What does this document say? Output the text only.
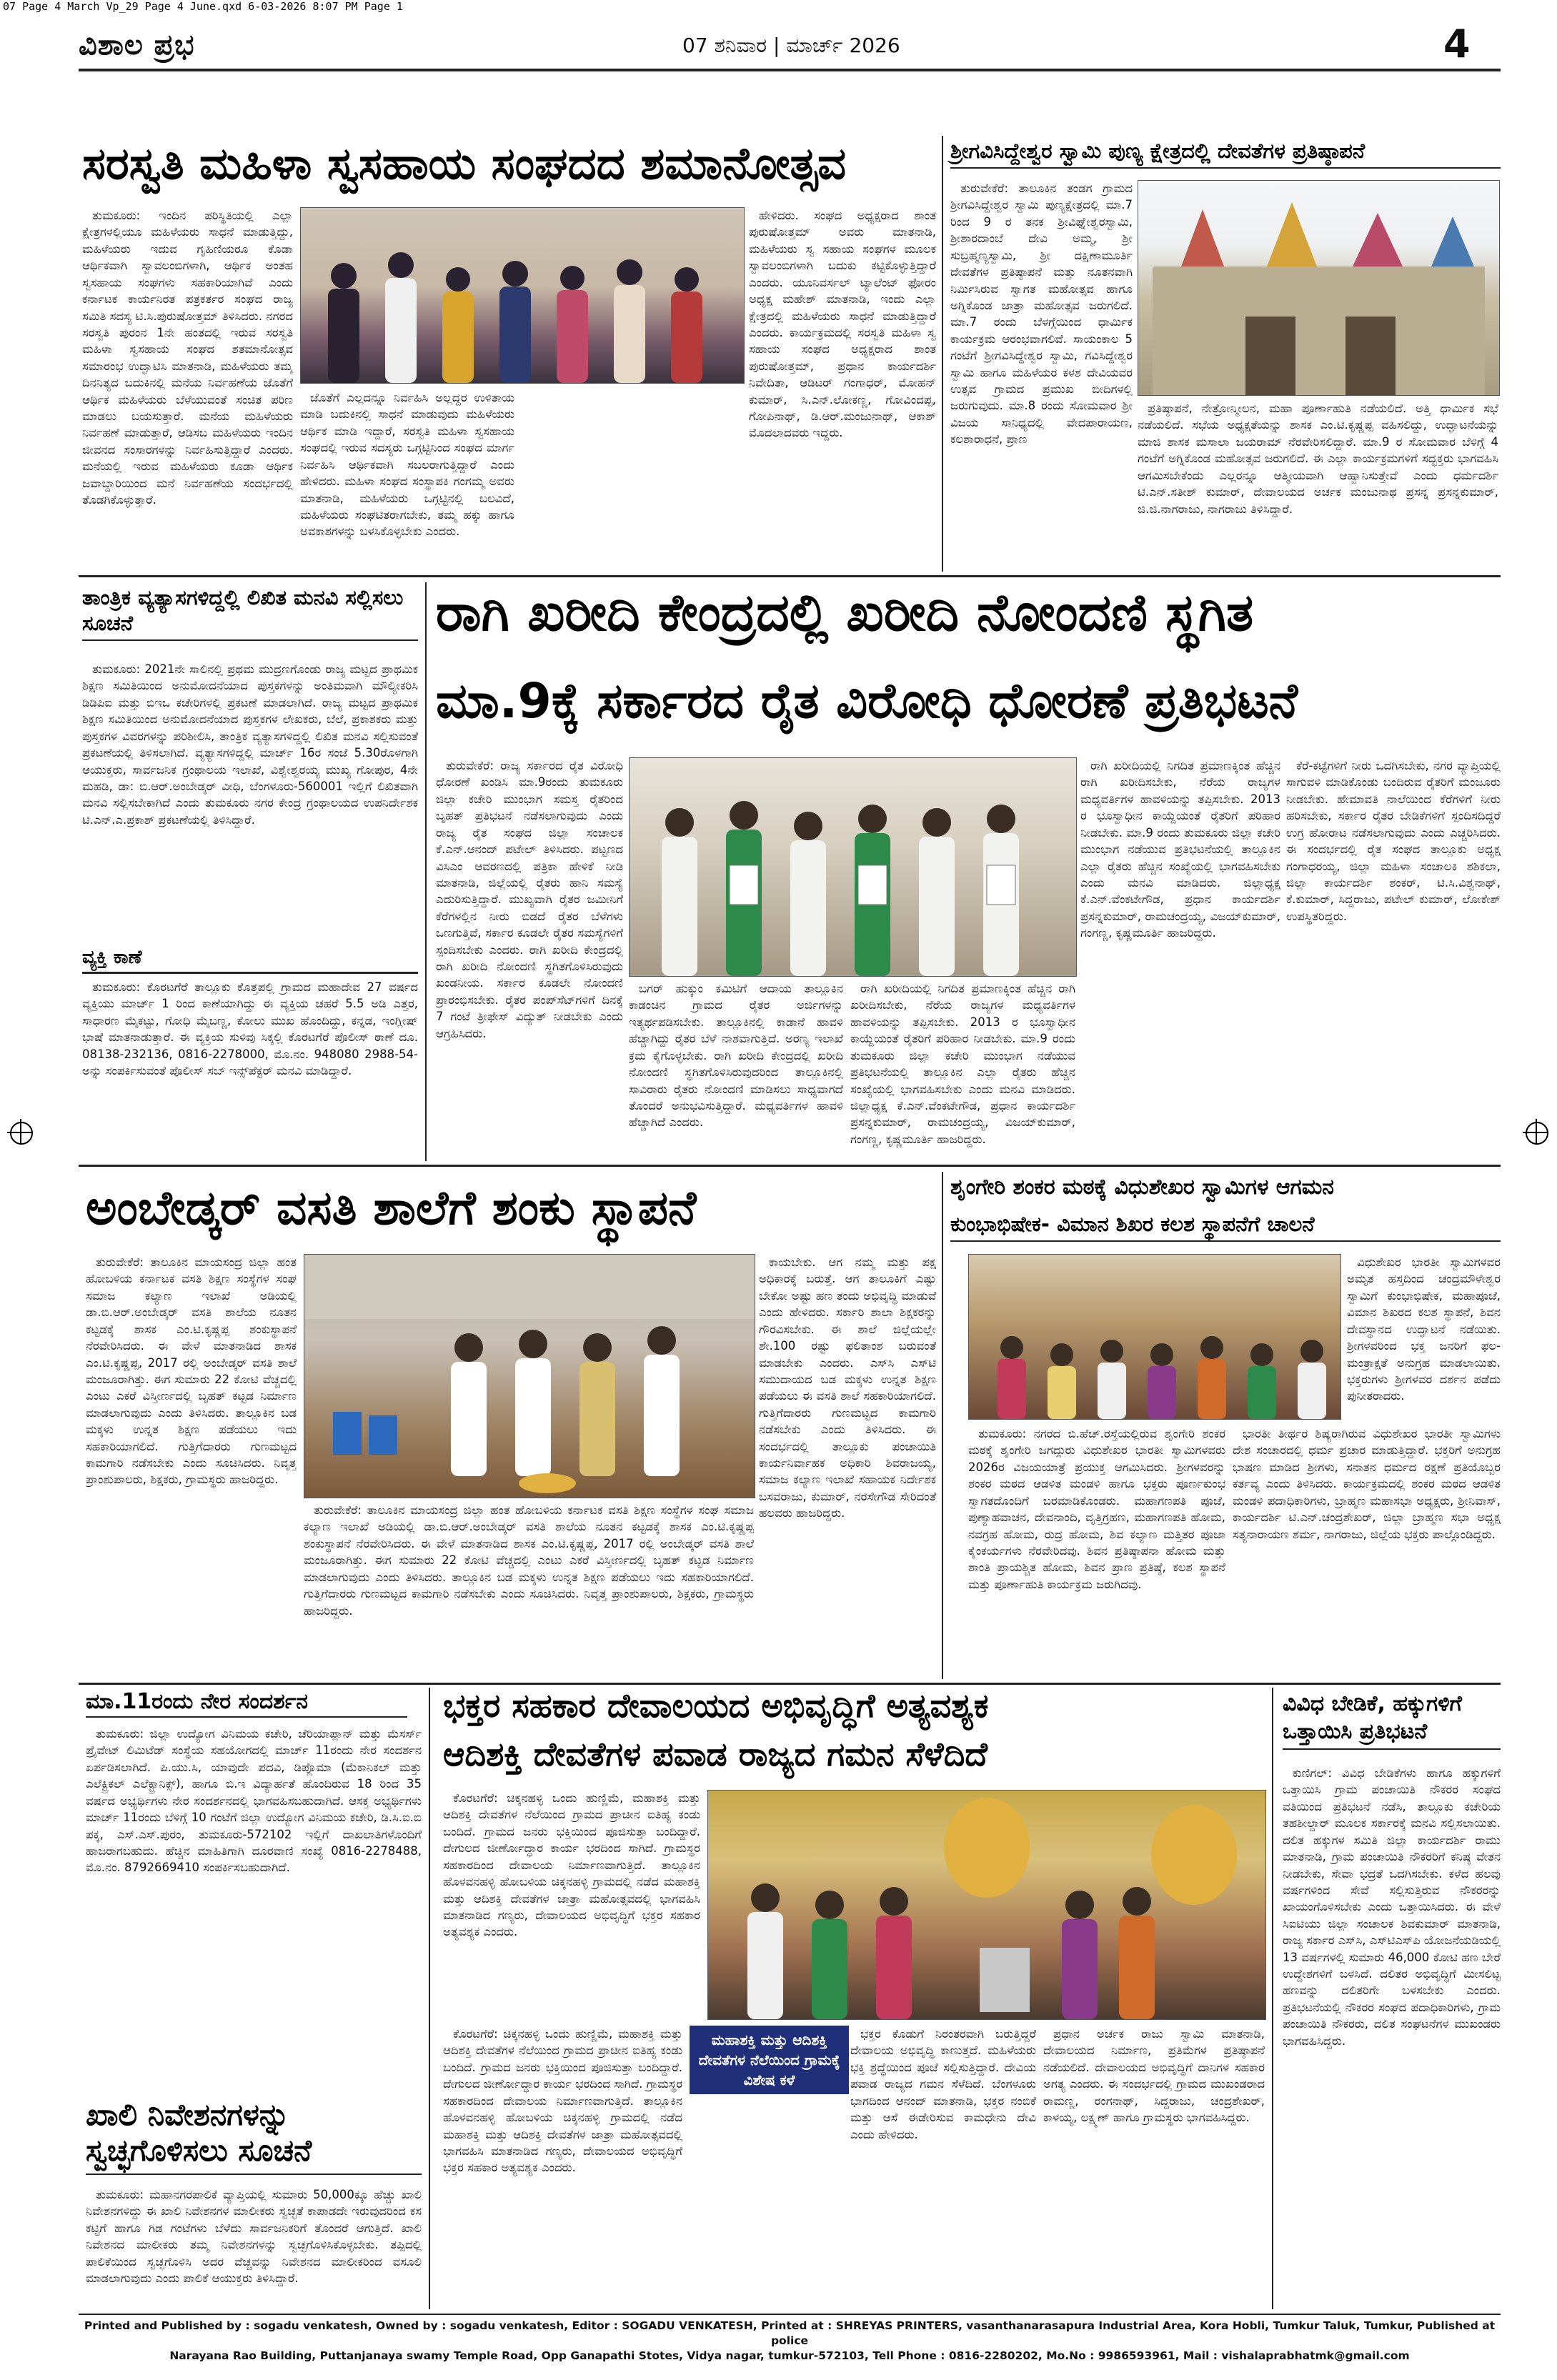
07 Page 4 March Vp_29 Page 4 June.qxd 6-03-2026 8:07 PM Page 1
ವಿಶಾಲ ಪ್ರಭ	07 ಶನಿವಾರ | ಮಾರ್ಚ್ 2026	4
ಸರಸ್ವತಿ ಮಹಿಳಾ ಸ್ವಸಹಾಯ ಸಂಘದದ ಶಮಾನೋತ್ಸವ

ತುಮಕೂರು: ಇಂದಿನ ಪರಿಸ್ಥಿತಿಯಲ್ಲಿ ಎಲ್ಲಾ ಕ್ಷೇತ್ರಗಳಲ್ಲಿಯೂ ಮಹಿಳೆಯರು ಸಾಧನೆ ಮಾಡುತ್ತಿದ್ದು, ಮಹಿಳೆಯರು ಇದುವ ಗೃಹಿಣಿಯರೂ ಕೊಡಾ ಆರ್ಥಿಕವಾಗಿ ಸ್ವಾವಲಂಬಿಗಳಾಗಿ, ಆರ್ಥಿಕ ಅಂತಹ ಸ್ವಸಹಾಯ ಸಂಘಗಳು ಸಹಕಾರಿಯಾಗಿವೆ ಎಂದು ಕರ್ನಾಟಕ ಕಾರ್ಯನಿರತ ಪತ್ರಕರ್ತರ ಸಂಘದ ರಾಜ್ಯ ಸಮಿತಿ ಸದಸ್ಯ ಟಿ.ಸಿ.ಪುರುಷೋತ್ತಮ್ ತಿಳಿಸಿದರು. ನಗರದ ಸರಸ್ವತಿ ಪುರಂನ 1ನೇ ಹಂತದಲ್ಲಿ ಇರುವ ಸರಸ್ವತಿ ಮಹಿಳಾ ಸ್ವಸಹಾಯ ಸಂಘದ ಶತಮಾನೋತ್ಸವ ಸಮಾರಂಭ ಉದ್ಘಾಟಿಸಿ ಮಾತನಾಡಿ, ಮಹಿಳೆಯರು ತಮ್ಮ ದಿನನಿತ್ಯದ ಬದುಕಿನಲ್ಲಿ ಮನೆಯ ನಿರ್ವಹಣೆಯ ಜೊತೆಗೆ ಆರ್ಥಿಕ ಮಹಿಳೆಯರು ಬೆಳೆಯುವಂತೆ ಸಂಚಿತ ಪರಿಣ ಮಾಡಲು ಬಯಸುತ್ತಾರೆ. ಮನೆಯ ಮಹಿಳೆಯರು ನಿರ್ವಹಣೆ ಮಾಡುತ್ತಾರೆ, ಆಡಿಸಬ ಮಹಿಳೆಯರು ಇಂದಿನ ಜೀವನದ ಸಂಸಾರಗಳನ್ನು ನಿರ್ವಹಿಸುತ್ತಿದ್ದಾರೆ ಎಂದರು. ಮನೆಯಲ್ಲಿ ಇರುವ ಮಹಿಳೆಯರು ಕೂಡಾ ಆರ್ಥಿಕ ಜವಾಬ್ದಾರಿಯಿಂದ ಮನೆ ನಿರ್ವಹಣೆಯ ಸಂದರ್ಭದಲ್ಲಿ ತೊಡಗಿಕೊಳ್ಳುತ್ತಾರೆ.

ಜೊತೆಗೆ ಎಲ್ಲದನ್ನೂ ನಿರ್ವಹಿಸಿ ಅಲ್ಲದ್ದರ ಉಳಿತಾಯ ಮಾಡಿ ಬದುಕಿನಲ್ಲಿ ಸಾಧನೆ ಮಾಡುವುದು ಮಹಿಳೆಯರು ಆರ್ಥಿಕ ಮಾಡಿ ಇದ್ದಾರೆ, ಸರಸ್ವತಿ ಮಹಿಳಾ ಸ್ವಸಹಾಯ ಸಂಘದಲ್ಲಿ ಇರುವ ಸದಸ್ಯರು ಒಗ್ಗಟ್ಟಿನಿಂದ ಸಂಘದ ಮಾರ್ಗ ನಿರ್ವಹಿಸಿ ಆರ್ಥಿಕವಾಗಿ ಸಬಲರಾಗುತ್ತಿದ್ದಾರೆ ಎಂದು ಹೇಳಿದರು. ಮಹಿಳಾ ಸಂಘದ ಸಂಸ್ಥಾಪಕಿ ಗಂಗಮ್ಮ ಅವರು ಮಾತನಾಡಿ, ಮಹಿಳೆಯರು ಒಗ್ಗಟ್ಟಿನಲ್ಲಿ ಬಲವಿದೆ, ಮಹಿಳೆಯರು ಸಂಘಟಿತರಾಗಬೇಕು, ತಮ್ಮ ಹಕ್ಕು ಹಾಗೂ ಅವಕಾಶಗಳನ್ನು ಬಳಸಿಕೊಳ್ಳಬೇಕು ಎಂದರು.

ಹೇಳಿದರು. ಸಂಘದ ಅಧ್ಯಕ್ಷರಾದ ಶಾಂತ ಪುರುಷೋತ್ತಮ್ ಅವರು ಮಾತನಾಡಿ, ಮಹಿಳೆಯರು ಸ್ವ ಸಹಾಯ ಸಂಘಗಳ ಮೂಲಕ ಸ್ವಾವಲಂಬಿಗಳಾಗಿ ಬದುಕು ಕಟ್ಟಿಕೊಳ್ಳುತ್ತಿದ್ದಾರೆ ಎಂದರು. ಯೂನಿವರ್ಸಲ್ ಟ್ಯಾಲೆಂಟ್ ಫೋರಂ ಅಧ್ಯಕ್ಷ ಮಹೇಶ್ ಮಾತನಾಡಿ, ಇಂದು ಎಲ್ಲಾ ಕ್ಷೇತ್ರದಲ್ಲಿ ಮಹಿಳೆಯರು ಸಾಧನೆ ಮಾಡುತ್ತಿದ್ದಾರೆ ಎಂದರು. ಕಾರ್ಯಕ್ರಮದಲ್ಲಿ ಸರಸ್ವತಿ ಮಹಿಳಾ ಸ್ವ ಸಹಾಯ ಸಂಘದ ಅಧ್ಯಕ್ಷರಾದ ಶಾಂತ ಪುರುಷೋತ್ತಮ್, ಪ್ರಧಾನ ಕಾರ್ಯದರ್ಶಿ ನಿವೇದಿತಾ, ಆಡಿಟರ್ ಗಂಗಾಧರ್, ಮೋಹನ್ ಕುಮಾರ್, ಸಿ.ಎನ್.ಲೋಕಣ್ಣ, ಗೋವಿಂದಪ್ಪ, ಗೋಪಿನಾಥ್, ಡಿ.ಆರ್.ಮಂಜುನಾಥ್, ಆಕಾಶ್ ಮೊದಲಾದವರು ಇದ್ದರು.

ಶ್ರೀಗವಿಸಿದ್ದೇಶ್ವರ ಸ್ವಾಮಿ ಪುಣ್ಯ ಕ್ಷೇತ್ರದಲ್ಲಿ ದೇವತೆಗಳ ಪ್ರತಿಷ್ಠಾಪನೆ

ತುರುವೇಕೆರೆ: ತಾಲೂಕಿನ ತಂಡಗ ಗ್ರಾಮದ ಶ್ರೀಗವಿಸಿದ್ದೇಶ್ವರ ಸ್ವಾಮಿ ಪುಣ್ಯಕ್ಷೇತ್ರದಲ್ಲಿ ಮಾ.7 ರಿಂದ 9 ರ ತನಕ ಶ್ರೀವಿಘ್ನೇಶ್ವರಸ್ವಾಮಿ, ಶ್ರೀಶಾರದಾಂಬೆ ದೇವಿ ಅಮ್ಮ, ಶ್ರೀ ಸುಬ್ರಹ್ಮಣ್ಯಸ್ವಾಮಿ, ಶ್ರೀ ದಕ್ಷಿಣಾಮೂರ್ತಿ ದೇವತೆಗಳ ಪ್ರತಿಷ್ಠಾಪನೆ ಮತ್ತು ನೂತನವಾಗಿ ನಿರ್ಮಿಸಿರುವ ಸ್ವಾಗತ ಮಹೋತ್ಸವ ಹಾಗೂ ಅಗ್ನಿಕೊಂಡ ಜಾತ್ರಾ ಮಹೋತ್ಸವ ಜರುಗಲಿದೆ. ಮಾ.7 ರಂದು ಬೆಳಗ್ಗೆಯಿಂದ ಧಾರ್ಮಿಕ ಕಾರ್ಯಕ್ರಮ ಆರಂಭವಾಗಲಿವೆ. ಸಾಯಂಕಾಲ 5 ಗಂಟೆಗೆ ಶ್ರೀಗವಿಸಿದ್ದೇಶ್ವರ ಸ್ವಾಮಿ, ಗವಿಸಿದ್ದೇಶ್ವರ ಸ್ವಾಮಿ ಹಾಗೂ ಮಹಿಳೆಯರ ಕಳಶ ದೇವಿಯವರ ಉತ್ಸವ ಗ್ರಾಮದ ಪ್ರಮುಖ ಬೀದಿಗಳಲ್ಲಿ ಜರುಗುವುದು. ಮಾ.8 ರಂದು ಸೋಮವಾರ ಶ್ರೀ ವಿಜಯ ಸಾನಿಧ್ಯದಲ್ಲಿ ವೇದಪಾರಾಯಣ, ಕಲಶಾರಾಧನೆ, ಪ್ರಾಣ

ಪ್ರತಿಷ್ಠಾಪನೆ, ನೇತ್ರೋನ್ಮೀಲನ, ಮಹಾ ಪೂರ್ಣಾಹುತಿ ನಡೆಯಲಿದೆ. ಅತ್ತಿ ಧಾರ್ಮಿಕ ಸಭೆ ನಡೆಯಲಿದೆ. ಸಭೆಯ ಅಧ್ಯಕ್ಷತೆಯನ್ನು ಶಾಸಕ ಎಂ.ಟಿ.ಕೃಷ್ಣಪ್ಪ ವಹಿಸಲಿದ್ದು, ಉದ್ಘಾಟನೆಯನ್ನು ಮಾಜಿ ಶಾಸಕ ಮಸಾಲಾ ಜಯರಾಮ್ ನೆರವೇರಿಸಲಿದ್ದಾರೆ. ಮಾ.9 ರ ಸೋಮವಾರ ಬೆಳಿಗ್ಗೆ 4 ಗಂಟೆಗೆ ಅಗ್ನಿಕೊಂಡ ಮಹೋತ್ಸವ ಜರುಗಲಿದೆ. ಈ ಎಲ್ಲಾ ಕಾರ್ಯಕ್ರಮಗಳಿಗೆ ಸದ್ಭಕ್ತರು ಭಾಗವಹಿಸಿ ಆಗಮಿಸಬೇಕೆಂದು ಎಲ್ಲರನ್ನೂ ಆತ್ಮೀಯವಾಗಿ ಆಹ್ವಾನಿಸುತ್ತೇವೆ ಎಂದು ಧರ್ಮದರ್ಶಿ ಟಿ.ಎನ್.ಸತೀಶ್ ಕುಮಾರ್, ದೇವಾಲಯದ ಅರ್ಚಕ ಮಂಜುನಾಥ ಪ್ರಸನ್ನ ಪ್ರಸನ್ನಕುಮಾರ್, ಜಿ.ಜಿ.ನಾಗರಾಜು, ನಾಗರಾಜು ತಿಳಿಸಿದ್ದಾರೆ.

ತಾಂತ್ರಿಕ ವ್ಯತ್ಯಾಸಗಳಿದ್ದಲ್ಲಿ ಲಿಖಿತ ಮನವಿ ಸಲ್ಲಿಸಲು ಸೂಚನೆ

ತುಮಕೂರು: 2021ನೇ ಸಾಲಿನಲ್ಲಿ ಪ್ರಥಮ ಮುದ್ರಣಗೊಂಡು ರಾಜ್ಯ ಮಟ್ಟದ ಪ್ರಾಥಮಿಕ ಶಿಕ್ಷಣ ಸಮಿತಿಯಿಂದ ಅನುಮೋದನೆಯಾದ ಪುಸ್ತಕಗಳನ್ನು ಅಂತಿಮವಾಗಿ ಮೌಲ್ಯೀಕರಿಸಿ ಡಿಡಿಪಿಐ ಮತ್ತು ಬಿಇಒ ಕಚೇರಿಗಳಲ್ಲಿ ಪ್ರಕಟಣೆ ಮಾಡಲಾಗಿದೆ. ರಾಜ್ಯ ಮಟ್ಟದ ಪ್ರಾಥಮಿಕ ಶಿಕ್ಷಣ ಸಮಿತಿಯಿಂದ ಅನುಮೋದನೆಯಾದ ಪುಸ್ತಕಗಳ ಲೇಖಕರು, ಬೆಲೆ, ಪ್ರಕಾಶಕರು ಮತ್ತು ಪುಸ್ತಕಗಳ ವಿವರಗಳನ್ನು ಪರಿಶೀಲಿಸಿ, ತಾಂತ್ರಿಕ ವ್ಯತ್ಯಾಸಗಳಿದ್ದಲ್ಲಿ ಲಿಖಿತ ಮನವಿ ಸಲ್ಲಿಸುವಂತೆ ಪ್ರಕಟಣೆಯಲ್ಲಿ ತಿಳಿಸಲಾಗಿದೆ. ವ್ಯತ್ಯಾಸಗಳಿದ್ದಲ್ಲಿ ಮಾರ್ಚ್ 16ರ ಸಂಜೆ 5.30ರೊಳಗಾಗಿ ಆಯುಕ್ತರು, ಸಾರ್ವಜನಿಕ ಗ್ರಂಥಾಲಯ ಇಲಾಖೆ, ವಿಶ್ವೇಶ್ವರಯ್ಯ ಮುಖ್ಯ ಗೋಪುರ, 4ನೇ ಮಹಡಿ, ಡಾ: ಬಿ.ಆರ್.ಅಂಬೇಡ್ಕರ್ ವೀಧಿ, ಬೆಂಗಳೂರು-560001 ಇಲ್ಲಿಗೆ ಲಿಖಿತವಾಗಿ ಮನವಿ ಸಲ್ಲಿಸಬೇಕಾಗಿದೆ ಎಂದು ತುಮಕೂರು ನಗರ ಕೇಂದ್ರ ಗ್ರಂಥಾಲಯದ ಉಪನಿರ್ದೇಶಕ ಟಿ.ಎನ್.ಎ.ಪ್ರಕಾಶ್ ಪ್ರಕಟಣೆಯಲ್ಲಿ ತಿಳಿಸಿದ್ದಾರೆ.

ವ್ಯಕ್ತಿ ಕಾಣೆ

ತುಮಕೂರು: ಕೊರಟಗೆರೆ ತಾಲ್ಲೂಕು ಕೊತ್ತಪಲ್ಲಿ ಗ್ರಾಮದ ಮಹಾದೇವ 27 ವರ್ಷದ ವ್ಯಕ್ತಿಯು ಮಾರ್ಚ್ 1 ರಿಂದ ಕಾಣೆಯಾಗಿದ್ದು ಈ ವ್ಯಕ್ತಿಯ ಚಹರೆ 5.5 ಅಡಿ ಎತ್ತರ, ಸಾಧಾರಣ ಮೈಕಟ್ಟು, ಗೋಧಿ ಮೈಬಣ್ಣ, ಕೋಲು ಮುಖ ಹೊಂದಿದ್ದು, ಕನ್ನಡ, ಇಂಗ್ಲೀಷ್ ಭಾಷೆ ಮಾತನಾಡುತ್ತಾರೆ. ಈ ವ್ಯಕ್ತಿಯ ಸುಳಿವು ಸಿಕ್ಕಲ್ಲಿ ಕೊರಟಗೆರೆ ಪೊಲೀಸ್ ಠಾಣೆ ದೂ. 08138-232136, 0816-2278000, ಮೊ.ನಂ. 948080 2988-54-ಅನ್ನು ಸಂಪರ್ಕಿಸುವಂತೆ ಪೊಲೀಸ್ ಸಬ್ ಇನ್ಸ್‌ಪೆಕ್ಟರ್ ಮನವಿ ಮಾಡಿದ್ದಾರೆ.

ರಾಗಿ ಖರೀದಿ ಕೇಂದ್ರದಲ್ಲಿ ಖರೀದಿ ನೋಂದಣಿ ಸ್ಥಗಿತ
ಮಾ.9ಕ್ಕೆ ಸರ್ಕಾರದ ರೈತ ವಿರೋಧಿ ಧೋರಣೆ ಪ್ರತಿಭಟನೆ

ತುರುವೇಕೆರೆ: ರಾಜ್ಯ ಸರ್ಕಾರದ ರೈತ ವಿರೋಧಿ ಧೋರಣೆ ಖಂಡಿಸಿ ಮಾ.9ರಂದು ತುಮಕೂರು ಜಿಲ್ಲಾ ಕಚೇರಿ ಮುಂಭಾಗ ಸಮಸ್ತ ರೈತರಿಂದ ಬೃಹತ್ ಪ್ರತಿಭಟನೆ ನಡೆಸಲಾಗುವುದು ಎಂದು ರಾಜ್ಯ ರೈತ ಸಂಘದ ಜಿಲ್ಲಾ ಸಂಚಾಲಕ ಕೆ.ಎನ್.ಆನಂದ್ ಪಟೇಲ್ ತಿಳಿಸಿದರು. ಪಟ್ಟಣದ ವಿಸಿಎಂ ಆವರಣದಲ್ಲಿ ಪತ್ರಿಕಾ ಹೇಳಿಕೆ ನೀಡಿ ಮಾತನಾಡಿ, ಜಿಲ್ಲೆಯಲ್ಲಿ ರೈತರು ಹಾನಿ ಸಮಸ್ಯೆ ಎದುರಿಸುತ್ತಿದ್ದಾರೆ. ಮುಖ್ಯವಾಗಿ ರೈತರ ಜಮೀನಿಗೆ ಕೆರೆಗಳಲ್ಲಿನ ನೀರು ಬಿಡದೆ ರೈತರ ಬೆಳೆಗಳು ಒಣಗುತ್ತಿವೆ, ಸರ್ಕಾರ ಕೂಡಲೇ ರೈತರ ಸಮಸ್ಯೆಗಳಿಗೆ ಸ್ಪಂದಿಸಬೇಕು ಎಂದರು. ರಾಗಿ ಖರೀದಿ ಕೇಂದ್ರದಲ್ಲಿ ರಾಗಿ ಖರೀದಿ ನೋಂದಣಿ ಸ್ಥಗಿತಗೊಳಿಸಿರುವುದು ಖಂಡನೀಯ. ಸರ್ಕಾರ ಕೂಡಲೇ ನೋಂದಣಿ ಪ್ರಾರಂಭಿಸಬೇಕು. ರೈತರ ಪಂಪ್‌ಸೆಟ್‌ಗಳಿಗೆ ದಿನಕ್ಕೆ 7 ಗಂಟೆ ತ್ರೀಫೇಸ್ ವಿದ್ಯುತ್ ನೀಡಬೇಕು ಎಂದು ಆಗ್ರಹಿಸಿದರು.

ಬಗರ್ ಹುಕ್ಕುಂ ಕಮಿಟಿಗೆ ಆದಾಯ ತಾಲ್ಲೂಕಿನ ಕಾಡಂಚಿನ ಗ್ರಾಮದ ರೈತರ ಅರ್ಜಿಗಳನ್ನು ಇತ್ಯರ್ಥಪಡಿಸಬೇಕು. ತಾಲ್ಲೂಕಿನಲ್ಲಿ ಕಾಡಾನೆ ಹಾವಳಿ ಹೆಚ್ಚಾಗಿದ್ದು ರೈತರ ಬೆಳೆ ನಾಶವಾಗುತ್ತಿದೆ. ಅರಣ್ಯ ಇಲಾಖೆ ಕ್ರಮ ಕೈಗೊಳ್ಳಬೇಕು. ರಾಗಿ ಖರೀದಿ ಕೇಂದ್ರದಲ್ಲಿ ಖರೀದಿ ನೋಂದಣಿ ಸ್ಥಗಿತಗೊಳಿಸಿರುವುದರಿಂದ ತಾಲ್ಲೂಕಿನಲ್ಲಿ ಸಾವಿರಾರು ರೈತರು ನೋಂದಣಿ ಮಾಡಿಸಲು ಸಾಧ್ಯವಾಗದೆ ತೊಂದರೆ ಅನುಭವಿಸುತ್ತಿದ್ದಾರೆ. ಮಧ್ಯವರ್ತಿಗಳ ಹಾವಳಿ ಹೆಚ್ಚಾಗಿದೆ ಎಂದರು.

ರಾಗಿ ಖರೀದಿಯಲ್ಲಿ ನಿಗದಿತ ಪ್ರಮಾಣಕ್ಕಿಂತ ಹೆಚ್ಚಿನ ರಾಗಿ ಖರೀದಿಸಬೇಕು, ನೆರೆಯ ರಾಜ್ಯಗಳ ಮಧ್ಯವರ್ತಿಗಳ ಹಾವಳಿಯನ್ನು ತಪ್ಪಿಸಬೇಕು. 2013 ರ ಭೂಸ್ವಾಧೀನ ಕಾಯ್ದೆಯಂತೆ ರೈತರಿಗೆ ಪರಿಹಾರ ನೀಡಬೇಕು. ಮಾ.9 ರಂದು ತುಮಕೂರು ಜಿಲ್ಲಾ ಕಚೇರಿ ಮುಂಭಾಗ ನಡೆಯುವ ಪ್ರತಿಭಟನೆಯಲ್ಲಿ ತಾಲ್ಲೂಕಿನ ಎಲ್ಲಾ ರೈತರು ಹೆಚ್ಚಿನ ಸಂಖ್ಯೆಯಲ್ಲಿ ಭಾಗವಹಿಸಬೇಕು ಎಂದು ಮನವಿ ಮಾಡಿದರು. ಜಿಲ್ಲಾಧ್ಯಕ್ಷ ಕೆ.ಎನ್.ವೆಂಕಟೇಗೌಡ, ಪ್ರಧಾನ ಕಾರ್ಯದರ್ಶಿ ಪ್ರಸನ್ನಕುಮಾರ್, ರಾಮಚಂದ್ರಯ್ಯ, ವಿಜಯ್‌ಕುಮಾರ್, ಗಂಗಣ್ಣ, ಕೃಷ್ಣಮೂರ್ತಿ ಹಾಜರಿದ್ದರು.

ರಾಗಿ ಖರೀದಿಯಲ್ಲಿ ನಿಗದಿತ ಪ್ರಮಾಣಕ್ಕಿಂತ ಹೆಚ್ಚಿನ ರಾಗಿ ಖರೀದಿಸಬೇಕು, ನೆರೆಯ ರಾಜ್ಯಗಳ ಮಧ್ಯವರ್ತಿಗಳ ಹಾವಳಿಯನ್ನು ತಪ್ಪಿಸಬೇಕು. 2013 ರ ಭೂಸ್ವಾಧೀನ ಕಾಯ್ದೆಯಂತೆ ರೈತರಿಗೆ ಪರಿಹಾರ ನೀಡಬೇಕು. ಮಾ.9 ರಂದು ತುಮಕೂರು ಜಿಲ್ಲಾ ಕಚೇರಿ ಮುಂಭಾಗ ನಡೆಯುವ ಪ್ರತಿಭಟನೆಯಲ್ಲಿ ತಾಲ್ಲೂಕಿನ ಎಲ್ಲಾ ರೈತರು ಹೆಚ್ಚಿನ ಸಂಖ್ಯೆಯಲ್ಲಿ ಭಾಗವಹಿಸಬೇಕು ಎಂದು ಮನವಿ ಮಾಡಿದರು. ಜಿಲ್ಲಾಧ್ಯಕ್ಷ ಕೆ.ಎನ್.ವೆಂಕಟೇಗೌಡ, ಪ್ರಧಾನ ಕಾರ್ಯದರ್ಶಿ ಪ್ರಸನ್ನಕುಮಾರ್, ರಾಮಚಂದ್ರಯ್ಯ, ವಿಜಯ್‌ಕುಮಾರ್, ಗಂಗಣ್ಣ, ಕೃಷ್ಣಮೂರ್ತಿ ಹಾಜರಿದ್ದರು.

ಕೆರೆ-ಕಟ್ಟೆಗಳಿಗೆ ನೀರು ಒದಗಿಸಬೇಕು, ನಗರ ವ್ಯಾಪ್ತಿಯಲ್ಲಿ ಸಾಗುವಳಿ ಮಾಡಿಕೊಂಡು ಬಂದಿರುವ ರೈತರಿಗೆ ಮಂಜೂರು ನೀಡಬೇಕು. ಹೇಮಾವತಿ ನಾಲೆಯಿಂದ ಕೆರೆಗಳಿಗೆ ನೀರು ಹರಿಸಬೇಕು, ಸರ್ಕಾರ ರೈತರ ಬೇಡಿಕೆಗಳಿಗೆ ಸ್ಪಂದಿಸದಿದ್ದರೆ ಉಗ್ರ ಹೋರಾಟ ನಡೆಸಲಾಗುವುದು ಎಂದು ಎಚ್ಚರಿಸಿದರು. ಈ ಸಂದರ್ಭದಲ್ಲಿ ರೈತ ಸಂಘದ ತಾಲ್ಲೂಕು ಅಧ್ಯಕ್ಷ ಗಂಗಾಧರಯ್ಯ, ಜಿಲ್ಲಾ ಮಹಿಳಾ ಸಂಚಾಲಕಿ ಶಶಿಕಲಾ, ಜಿಲ್ಲಾ ಕಾರ್ಯದರ್ಶಿ ಶಂಕರ್, ಟಿ.ಸಿ.ವಿಶ್ವನಾಥ್, ಕೆ.ಕುಮಾರ್, ಸಿದ್ದರಾಜು, ಪಟೇಲ್ ಕುಮಾರ್, ಲೋಕೇಶ್ ಉಪಸ್ಥಿತರಿದ್ದರು.

ಅಂಬೇಡ್ಕರ್ ವಸತಿ ಶಾಲೆಗೆ ಶಂಕು ಸ್ಥಾಪನೆ

ತುರುವೇಕೆರೆ: ತಾಲೂಕಿನ ಮಾಯಸಂದ್ರ ಜಿಲ್ಲಾ ಹಂತ ಹೋಬಳಿಯ ಕರ್ನಾಟಕ ವಸತಿ ಶಿಕ್ಷಣ ಸಂಸ್ಥೆಗಳ ಸಂಘ ಸಮಾಜ ಕಲ್ಯಾಣ ಇಲಾಖೆ ಅಡಿಯಲ್ಲಿ ಡಾ.ಬಿ.ಆರ್.ಅಂಬೇಡ್ಕರ್ ವಸತಿ ಶಾಲೆಯ ನೂತನ ಕಟ್ಟಡಕ್ಕೆ ಶಾಸಕ ಎಂ.ಟಿ.ಕೃಷ್ಣಪ್ಪ ಶಂಕುಸ್ಥಾಪನೆ ನೆರವೇರಿಸಿದರು. ಈ ವೇಳೆ ಮಾತನಾಡಿದ ಶಾಸಕ ಎಂ.ಟಿ.ಕೃಷ್ಣಪ್ಪ, 2017 ರಲ್ಲಿ ಅಂಬೇಡ್ಕರ್ ವಸತಿ ಶಾಲೆ ಮಂಜೂರಾಗಿತ್ತು. ಈಗ ಸುಮಾರು 22 ಕೋಟಿ ವೆಚ್ಚದಲ್ಲಿ ಎಂಟು ಎಕರೆ ವಿಸ್ತೀರ್ಣದಲ್ಲಿ ಬೃಹತ್ ಕಟ್ಟಡ ನಿರ್ಮಾಣ ಮಾಡಲಾಗುವುದು ಎಂದು ತಿಳಿಸಿದರು. ತಾಲ್ಲೂಕಿನ ಬಡ ಮಕ್ಕಳು ಉನ್ನತ ಶಿಕ್ಷಣ ಪಡೆಯಲು ಇದು ಸಹಕಾರಿಯಾಗಲಿದೆ. ಗುತ್ತಿಗೆದಾರರು ಗುಣಮಟ್ಟದ ಕಾಮಗಾರಿ ನಡೆಸಬೇಕು ಎಂದು ಸೂಚಿಸಿದರು. ನಿವೃತ್ತ ಪ್ರಾಂಶುಪಾಲರು, ಶಿಕ್ಷಕರು, ಗ್ರಾಮಸ್ಥರು ಹಾಜರಿದ್ದರು.

ಕಾಯಬೇಕು. ಆಗ ನಮ್ಮ ಮತ್ತು ಪಕ್ಷ ಅಧಿಕಾರಕ್ಕೆ ಬರುತ್ತೆ. ಆಗ ತಾಲೂಕಿಗೆ ಎಷ್ಟು ಬೇಕೋ ಅಷ್ಟು ಹಣ ತಂದು ಅಭಿವೃದ್ಧಿ ಮಾಡುವೆ ಎಂದು ಹೇಳಿದರು. ಸರ್ಕಾರಿ ಶಾಲಾ ಶಿಕ್ಷಕರನ್ನು ಗೌರವಿಸಬೇಕು. ಈ ಶಾಲೆ ಜಿಲ್ಲೆಯಲ್ಲೇ ಶೇ.100 ರಷ್ಟು ಫಲಿತಾಂಶ ಬರುವಂತೆ ಮಾಡಬೇಕು ಎಂದರು. ಎಸ್‌ಸಿ ಎಸ್‌ಟಿ ಸಮುದಾಯದ ಬಡ ಮಕ್ಕಳು ಉನ್ನತ ಶಿಕ್ಷಣ ಪಡೆಯಲು ಈ ವಸತಿ ಶಾಲೆ ಸಹಕಾರಿಯಾಗಲಿದೆ. ಗುತ್ತಿಗೆದಾರರು ಗುಣಮಟ್ಟದ ಕಾಮಗಾರಿ ನಡೆಸಬೇಕು ಎಂದು ತಿಳಿಸಿದರು. ಈ ಸಂದರ್ಭದಲ್ಲಿ ತಾಲ್ಲೂಕು ಪಂಚಾಯಿತಿ ಕಾರ್ಯನಿರ್ವಾಹಕ ಅಧಿಕಾರಿ ಶಿವರಾಜಯ್ಯ, ಸಮಾಜ ಕಲ್ಯಾಣ ಇಲಾಖೆ ಸಹಾಯಕ ನಿರ್ದೇಶಕ ಬಸವರಾಜು, ಕುಮಾರ್, ನರಸೇಗೌಡ ಸೇರಿದಂತೆ ಹಲವರು ಹಾಜರಿದ್ದರು.

ತುರುವೇಕೆರೆ: ತಾಲೂಕಿನ ಮಾಯಸಂದ್ರ ಜಿಲ್ಲಾ ಹಂತ ಹೋಬಳಿಯ ಕರ್ನಾಟಕ ವಸತಿ ಶಿಕ್ಷಣ ಸಂಸ್ಥೆಗಳ ಸಂಘ ಸಮಾಜ ಕಲ್ಯಾಣ ಇಲಾಖೆ ಅಡಿಯಲ್ಲಿ ಡಾ.ಬಿ.ಆರ್.ಅಂಬೇಡ್ಕರ್ ವಸತಿ ಶಾಲೆಯ ನೂತನ ಕಟ್ಟಡಕ್ಕೆ ಶಾಸಕ ಎಂ.ಟಿ.ಕೃಷ್ಣಪ್ಪ ಶಂಕುಸ್ಥಾಪನೆ ನೆರವೇರಿಸಿದರು. ಈ ವೇಳೆ ಮಾತನಾಡಿದ ಶಾಸಕ ಎಂ.ಟಿ.ಕೃಷ್ಣಪ್ಪ, 2017 ರಲ್ಲಿ ಅಂಬೇಡ್ಕರ್ ವಸತಿ ಶಾಲೆ ಮಂಜೂರಾಗಿತ್ತು. ಈಗ ಸುಮಾರು 22 ಕೋಟಿ ವೆಚ್ಚದಲ್ಲಿ ಎಂಟು ಎಕರೆ ವಿಸ್ತೀರ್ಣದಲ್ಲಿ ಬೃಹತ್ ಕಟ್ಟಡ ನಿರ್ಮಾಣ ಮಾಡಲಾಗುವುದು ಎಂದು ತಿಳಿಸಿದರು. ತಾಲ್ಲೂಕಿನ ಬಡ ಮಕ್ಕಳು ಉನ್ನತ ಶಿಕ್ಷಣ ಪಡೆಯಲು ಇದು ಸಹಕಾರಿಯಾಗಲಿದೆ. ಗುತ್ತಿಗೆದಾರರು ಗುಣಮಟ್ಟದ ಕಾಮಗಾರಿ ನಡೆಸಬೇಕು ಎಂದು ಸೂಚಿಸಿದರು. ನಿವೃತ್ತ ಪ್ರಾಂಶುಪಾಲರು, ಶಿಕ್ಷಕರು, ಗ್ರಾಮಸ್ಥರು ಹಾಜರಿದ್ದರು.

ಶೃಂಗೇರಿ ಶಂಕರ ಮಠಕ್ಕೆ ವಿಧುಶೇಖರ ಸ್ವಾಮಿಗಳ ಆಗಮನ
ಕುಂಭಾಭಿಷೇಕ- ವಿಮಾನ ಶಿಖರ ಕಲಶ ಸ್ಥಾಪನೆಗೆ ಚಾಲನೆ

ವಿಧುಶೇಖರ ಭಾರತೀ ಸ್ವಾಮಿಗಳವರ ಅಮೃತ ಹಸ್ತದಿಂದ ಚಂದ್ರಮೌಳೇಶ್ವರ ಸ್ವಾಮಿಗೆ ಕುಂಭಾಭಿಷೇಕ, ಮಹಾಪೂಜೆ, ವಿಮಾನ ಶಿಖರದ ಕಲಶ ಸ್ಥಾಪನೆ, ಶಿವನ ದೇವಸ್ಥಾನದ ಉದ್ಘಾಟನೆ ನಡೆಯಿತು. ಶ್ರೀಗಳವರಿಂದ ಭಕ್ತ ಜನರಿಗೆ ಫಲ-ಮಂತ್ರಾಕ್ಷತೆ ಅನುಗ್ರಹ ಮಾಡಲಾಯಿತು. ಭಕ್ತರುಗಳು ಶ್ರೀಗಳವರ ದರ್ಶನ ಪಡೆದು ಪುನೀತರಾದರು.

ತುಮಕೂರು: ನಗರದ ಬಿ.ಹೆಚ್.ರಸ್ತೆಯಲ್ಲಿರುವ ಶೃಂಗೇರಿ ಶಂಕರ ಮಠಕ್ಕೆ ಶೃಂಗೇರಿ ಜಗದ್ಗುರು ವಿಧುಶೇಖರ ಭಾರತೀ ಸ್ವಾಮಿಗಳವರು 2026ರ ವಿಜಯಯಾತ್ರೆ ಪ್ರಯುಕ್ತ ಆಗಮಿಸಿದರು. ಶ್ರೀಗಳವರನ್ನು ಶಂಕರ ಮಠದ ಆಡಳಿತ ಮಂಡಳಿ ಹಾಗೂ ಭಕ್ತರು ಪೂರ್ಣಕುಂಭ ಸ್ವಾಗತದೊಂದಿಗೆ ಬರಮಾಡಿಕೊಂಡರು. ಮಹಾಗಣಪತಿ ಪೂಜೆ, ಪುಣ್ಯಾಹವಾಚನ, ದೇವನಾಂದಿ, ವೃತ್ತಿಗ್ರಹಣ, ಮಹಾಗಣಪತಿ ಹೋಮ, ನವಗ್ರಹ ಹೋಮ, ರುದ್ರ ಹೋಮ, ಶಿವ ಕಲ್ಯಾಣ ಮತ್ತಿತರ ಪೂಜಾ ಕೈಂಕರ್ಯಗಳು ನೆರವೇರಿದವು. ಶಿವನ ಪ್ರತಿಷ್ಠಾಪನಾ ಹೋಮ ಮತ್ತು ಶಾಂತಿ ಪ್ರಾಯಶ್ಚಿತ ಹೋಮ, ಶಿವನ ಪ್ರಾಣ ಪ್ರತಿಷ್ಠೆ, ಕಲಶ ಸ್ಥಾಪನೆ ಮತ್ತು ಪೂರ್ಣಾಹುತಿ ಕಾರ್ಯಕ್ರಮ ಜರುಗಿದವು.

ಭಾರತೀ ತೀರ್ಥರ ಶಿಷ್ಯರಾಗಿರುವ ವಿಧುಶೇಖರ ಭಾರತೀ ಸ್ವಾಮಿಗಳು ದೇಶ ಸಂಚಾರದಲ್ಲಿ ಧರ್ಮ ಪ್ರಚಾರ ಮಾಡುತ್ತಿದ್ದಾರೆ. ಭಕ್ತರಿಗೆ ಅನುಗ್ರಹ ಭಾಷಣ ಮಾಡಿದ ಶ್ರೀಗಳು, ಸನಾತನ ಧರ್ಮದ ರಕ್ಷಣೆ ಪ್ರತಿಯೊಬ್ಬರ ಕರ್ತವ್ಯ ಎಂದು ತಿಳಿಸಿದರು. ಕಾರ್ಯಕ್ರಮದಲ್ಲಿ ಶಂಕರ ಮಠದ ಆಡಳಿತ ಮಂಡಳಿ ಪದಾಧಿಕಾರಿಗಳು, ಬ್ರಾಹ್ಮಣ ಮಹಾಸಭಾ ಅಧ್ಯಕ್ಷರು, ಶ್ರೀನಿವಾಸ್, ಕಾರ್ಯದರ್ಶಿ ಟಿ.ಎನ್.ಚಂದ್ರಶೇಖರ್, ಜಿಲ್ಲಾ ಬ್ರಾಹ್ಮಣ ಸಭಾ ಅಧ್ಯಕ್ಷ ಸತ್ಯನಾರಾಯಣ ಶರ್ಮ, ನಾಗರಾಜು, ಜಿಲ್ಲೆಯ ಭಕ್ತರು ಪಾಲ್ಗೊಂಡಿದ್ದರು.

ಮಾ.11ರಂದು ನೇರ ಸಂದರ್ಶನ

ತುಮಕೂರು: ಜಿಲ್ಲಾ ಉದ್ಯೋಗ ವಿನಿಮಯ ಕಚೇರಿ, ಚೆರಿಯಾಪ್ಲಾನ್ ಮತ್ತು ಮೆಸರ್ಸ್ ಪ್ರೈವೇಟ್ ಲಿಮಿಟೆಡ್ ಸಂಸ್ಥೆಯ ಸಹಯೋಗದಲ್ಲಿ ಮಾರ್ಚ್ 11ರಂದು ನೇರ ಸಂದರ್ಶನ ಏರ್ಪಡಿಸಲಾಗಿದೆ. ಪಿ.ಯು.ಸಿ, ಯಾವುದೇ ಪದವಿ, ಡಿಪ್ಲೊಮಾ (ಮೆಕಾನಿಕಲ್ ಮತ್ತು ಎಲೆಕ್ಟ್ರಿಕಲ್ ಎಲೆಕ್ಟ್ರಾನಿಕ್ಸ್), ಹಾಗೂ ಬಿ.ಇ ವಿದ್ಯಾರ್ಹತೆ ಹೊಂದಿರುವ 18 ರಿಂದ 35 ವರ್ಷದ ಅಭ್ಯರ್ಥಿಗಳು ನೇರ ಸಂದರ್ಶನದಲ್ಲಿ ಭಾಗವಹಿಸಬಹುದಾಗಿದೆ. ಆಸಕ್ತ ಅಭ್ಯರ್ಥಿಗಳು ಮಾರ್ಚ್ 11ರಂದು ಬೆಳಿಗ್ಗೆ 10 ಗಂಟೆಗೆ ಜಿಲ್ಲಾ ಉದ್ಯೋಗ ವಿನಿಮಯ ಕಚೇರಿ, ಡಿ.ಸಿ.ಐ.ಬಿ ಪಕ್ಕ, ಎಸ್.ಎಸ್.ಪುರಂ, ತುಮಕೂರು-572102 ಇಲ್ಲಿಗೆ ದಾಖಲಾತಿಗಳೊಂದಿಗೆ ಹಾಜರಾಗಬಹುದು. ಹೆಚ್ಚಿನ ಮಾಹಿತಿಗಾಗಿ ದೂರವಾಣಿ ಸಂಖ್ಯೆ 0816-2278488, ಮೊ.ನಂ. 8792669410 ಸಂಪರ್ಕಿಸಬಹುದಾಗಿದೆ.

ಖಾಲಿ ನಿವೇಶನಗಳನ್ನು ಸ್ವಚ್ಛಗೊಳಿಸಲು ಸೂಚನೆ

ತುಮಕೂರು: ಮಹಾನಗರಪಾಲಿಕೆ ವ್ಯಾಪ್ತಿಯಲ್ಲಿ ಸುಮಾರು 50,000ಕ್ಕೂ ಹೆಚ್ಚು ಖಾಲಿ ನಿವೇಶನಗಳಿದ್ದು ಈ ಖಾಲಿ ನಿವೇಶನಗಳ ಮಾಲೀಕರು ಸ್ವಚ್ಛತೆ ಕಾಪಾಡದೇ ಇರುವುದರಿಂದ ಕಸ ಕಟ್ಟಿಗೆ ಹಾಗೂ ಗಿಡ ಗಂಟೆಗಳು ಬೆಳೆದು ಸಾರ್ವಜನಿಕರಿಗೆ ತೊಂದರೆ ಆಗುತ್ತಿದೆ. ಖಾಲಿ ನಿವೇಶನದ ಮಾಲೀಕರು ತಮ್ಮ ನಿವೇಶನಗಳನ್ನು ಸ್ವಚ್ಛಗೊಳಿಸಿಕೊಳ್ಳಬೇಕು. ತಪ್ಪಿದಲ್ಲಿ ಪಾಲಿಕೆಯಿಂದ ಸ್ವಚ್ಛಗೊಳಿಸಿ ಅದರ ವೆಚ್ಚವನ್ನು ನಿವೇಶನದ ಮಾಲೀಕರಿಂದ ವಸೂಲಿ ಮಾಡಲಾಗುವುದು ಎಂದು ಪಾಲಿಕೆ ಆಯುಕ್ತರು ತಿಳಿಸಿದ್ದಾರೆ.

ಭಕ್ತರ ಸಹಕಾರ ದೇವಾಲಯದ ಅಭಿವೃದ್ಧಿಗೆ ಅತ್ಯವಶ್ಯಕ
ಆದಿಶಕ್ತಿ ದೇವತೆಗಳ ಪವಾಡ ರಾಜ್ಯದ ಗಮನ ಸೆಳೆದಿದೆ

ಕೊರಟಗೆರೆ: ಚಿಕ್ಕನಹಳ್ಳಿ ಒಂದು ಹುಣ್ಣಿಮೆ, ಮಹಾಶಕ್ತಿ ಮತ್ತು ಆದಿಶಕ್ತಿ ದೇವತೆಗಳ ನೆಲೆಯಿಂದ ಗ್ರಾಮದ ಪ್ರಾಚೀನ ಐತಿಹ್ಯ ಕಂಡು ಬಂದಿದೆ. ಗ್ರಾಮದ ಜನರು ಭಕ್ತಿಯಿಂದ ಪೂಜಿಸುತ್ತಾ ಬಂದಿದ್ದಾರೆ. ದೇಗುಲದ ಜೀರ್ಣೋದ್ಧಾರ ಕಾರ್ಯ ಭರದಿಂದ ಸಾಗಿದೆ. ಗ್ರಾಮಸ್ಥರ ಸಹಕಾರದಿಂದ ದೇವಾಲಯ ನಿರ್ಮಾಣವಾಗುತ್ತಿದೆ. ತಾಲ್ಲೂಕಿನ ಹೊಳವನಹಳ್ಳಿ ಹೋಬಳಿಯ ಚಿಕ್ಕನಹಳ್ಳಿ ಗ್ರಾಮದಲ್ಲಿ ನಡೆದ ಮಹಾಶಕ್ತಿ ಮತ್ತು ಆದಿಶಕ್ತಿ ದೇವತೆಗಳ ಜಾತ್ರಾ ಮಹೋತ್ಸವದಲ್ಲಿ ಭಾಗವಹಿಸಿ ಮಾತನಾಡಿದ ಗಣ್ಯರು, ದೇವಾಲಯದ ಅಭಿವೃದ್ಧಿಗೆ ಭಕ್ತರ ಸಹಕಾರ ಅತ್ಯವಶ್ಯಕ ಎಂದರು.

ಮಹಾಶಕ್ತಿ ಮತ್ತು ಆದಿಶಕ್ತಿ ದೇವತೆಗಳ ನೆಲೆಯಿಂದ ಗ್ರಾಮಕ್ಕೆ ವಿಶೇಷ ಕಳೆ

ಕೊರಟಗೆರೆ: ಚಿಕ್ಕನಹಳ್ಳಿ ಒಂದು ಹುಣ್ಣಿಮೆ, ಮಹಾಶಕ್ತಿ ಮತ್ತು ಆದಿಶಕ್ತಿ ದೇವತೆಗಳ ನೆಲೆಯಿಂದ ಗ್ರಾಮದ ಪ್ರಾಚೀನ ಐತಿಹ್ಯ ಕಂಡು ಬಂದಿದೆ. ಗ್ರಾಮದ ಜನರು ಭಕ್ತಿಯಿಂದ ಪೂಜಿಸುತ್ತಾ ಬಂದಿದ್ದಾರೆ. ದೇಗುಲದ ಜೀರ್ಣೋದ್ಧಾರ ಕಾರ್ಯ ಭರದಿಂದ ಸಾಗಿದೆ. ಗ್ರಾಮಸ್ಥರ ಸಹಕಾರದಿಂದ ದೇವಾಲಯ ನಿರ್ಮಾಣವಾಗುತ್ತಿದೆ. ತಾಲ್ಲೂಕಿನ ಹೊಳವನಹಳ್ಳಿ ಹೋಬಳಿಯ ಚಿಕ್ಕನಹಳ್ಳಿ ಗ್ರಾಮದಲ್ಲಿ ನಡೆದ ಮಹಾಶಕ್ತಿ ಮತ್ತು ಆದಿಶಕ್ತಿ ದೇವತೆಗಳ ಜಾತ್ರಾ ಮಹೋತ್ಸವದಲ್ಲಿ ಭಾಗವಹಿಸಿ ಮಾತನಾಡಿದ ಗಣ್ಯರು, ದೇವಾಲಯದ ಅಭಿವೃದ್ಧಿಗೆ ಭಕ್ತರ ಸಹಕಾರ ಅತ್ಯವಶ್ಯಕ ಎಂದರು.

ಭಕ್ತರ ಕೊಡುಗೆ ನಿರಂತರವಾಗಿ ಬರುತ್ತಿದ್ದರೆ ದೇವಾಲಯ ಅಭಿವೃದ್ಧಿ ಕಾಣುತ್ತದೆ. ಮಹಿಳೆಯರು ಭಕ್ತಿ ಶ್ರದ್ಧೆಯಿಂದ ಪೂಜೆ ಸಲ್ಲಿಸುತ್ತಿದ್ದಾರೆ. ದೇವಿಯ ಪವಾಡ ರಾಜ್ಯದ ಗಮನ ಸೆಳೆದಿದೆ. ಬೆಂಗಳೂರು ಭಾಗದಿಂದ ಆನಂದ್ ಮಾತನಾಡಿ, ಭಕ್ತರ ನಂಬಿಕೆ ಮತ್ತು ಆಸೆ ಈಡೇರಿಸುವ ಕಾಮಧೇನು ದೇವಿ ಎಂದು ಹೇಳಿದರು.

ಪ್ರಧಾನ ಅರ್ಚಕ ರಾಜು ಸ್ವಾಮಿ ಮಾತನಾಡಿ, ದೇವಾಲಯದ ನಿರ್ಮಾಣ, ಪ್ರತಿಮೆಗಳ ಪ್ರತಿಷ್ಠಾಪನೆ ನಡೆಯಲಿದೆ. ದೇವಾಲಯದ ಅಭಿವೃದ್ಧಿಗೆ ದಾನಿಗಳ ಸಹಕಾರ ಅಗತ್ಯ ಎಂದರು. ಈ ಸಂದರ್ಭದಲ್ಲಿ ಗ್ರಾಮದ ಮುಖಂಡರಾದ ರಾಮಣ್ಣ, ರಂಗನಾಥ್, ಸಿದ್ದರಾಜು, ಚಂದ್ರಶೇಖರ್, ಕಾಳಯ್ಯ, ಲಕ್ಷ್ಮಣ್ ಹಾಗೂ ಗ್ರಾಮಸ್ಥರು ಭಾಗವಹಿಸಿದ್ದರು.

ವಿವಿಧ ಬೇಡಿಕೆ, ಹಕ್ಕುಗಳಿಗೆ ಒತ್ತಾಯಿಸಿ ಪ್ರತಿಭಟನೆ

ಕುಣಿಗಲ್: ವಿವಿಧ ಬೇಡಿಕೆಗಳು ಹಾಗೂ ಹಕ್ಕುಗಳಿಗೆ ಒತ್ತಾಯಿಸಿ ಗ್ರಾಮ ಪಂಚಾಯಿತಿ ನೌಕರರ ಸಂಘದ ವತಿಯಿಂದ ಪ್ರತಿಭಟನೆ ನಡೆಸಿ, ತಾಲ್ಲೂಕು ಕಚೇರಿಯ ತಹಶೀಲ್ದಾರ್ ಮೂಲಕ ಸರ್ಕಾರಕ್ಕೆ ಮನವಿ ಸಲ್ಲಿಸಲಾಯಿತು. ದಲಿತ ಹಕ್ಕುಗಳ ಸಮಿತಿ ಜಿಲ್ಲಾ ಕಾರ್ಯದರ್ಶಿ ರಾಮು ಮಾತನಾಡಿ, ಗ್ರಾಮ ಪಂಚಾಯಿತಿ ನೌಕರರಿಗೆ ಕನಿಷ್ಠ ವೇತನ ನೀಡಬೇಕು, ಸೇವಾ ಭದ್ರತೆ ಒದಗಿಸಬೇಕು. ಕಳೆದ ಹಲವು ವರ್ಷಗಳಿಂದ ಸೇವೆ ಸಲ್ಲಿಸುತ್ತಿರುವ ನೌಕರರನ್ನು ಖಾಯಂಗೊಳಿಸಬೇಕು ಎಂದು ಒತ್ತಾಯಿಸಿದರು. ಈ ವೇಳೆ ಸಿಐಟಿಯು ಜಿಲ್ಲಾ ಸಂಚಾಲಕ ಶಿವಕುಮಾರ್ ಮಾತನಾಡಿ, ರಾಜ್ಯ ಸರ್ಕಾರ ಎಸ್‌ಸಿ, ಎಸ್‌ಟಿಎಸ್‌ಪಿ ಯೋಜನೆಯಡಿಯಲ್ಲಿ 13 ವರ್ಷಗಳಲ್ಲಿ ಸುಮಾರು 46,000 ಕೋಟಿ ಹಣ ಬೇರೆ ಉದ್ದೇಶಗಳಿಗೆ ಬಳಸಿದೆ. ದಲಿತರ ಅಭಿವೃದ್ಧಿಗೆ ಮೀಸಲಿಟ್ಟ ಹಣವನ್ನು ದಲಿತರಿಗೇ ಬಳಸಬೇಕು ಎಂದರು. ಪ್ರತಿಭಟನೆಯಲ್ಲಿ ನೌಕರರ ಸಂಘದ ಪದಾಧಿಕಾರಿಗಳು, ಗ್ರಾಮ ಪಂಚಾಯಿತಿ ನೌಕರರು, ದಲಿತ ಸಂಘಟನೆಗಳ ಮುಖಂಡರು ಭಾಗವಹಿಸಿದ್ದರು.

Printed and Published by : sogadu venkatesh, Owned by : sogadu venkatesh, Editor : SOGADU VENKATESH, Printed at : SHREYAS PRINTERS, vasanthanarasapura Industrial Area, Kora Hobli, Tumkur Taluk, Tumkur, Published at police
Narayana Rao Building, Puttanjanaya swamy Temple Road, Opp Ganapathi Stotes, Vidya nagar, tumkur-572103, Tell Phone : 0816-2280202, Mo.No : 9986593961, Mail : vishalaprabhatmk@gmail.com
